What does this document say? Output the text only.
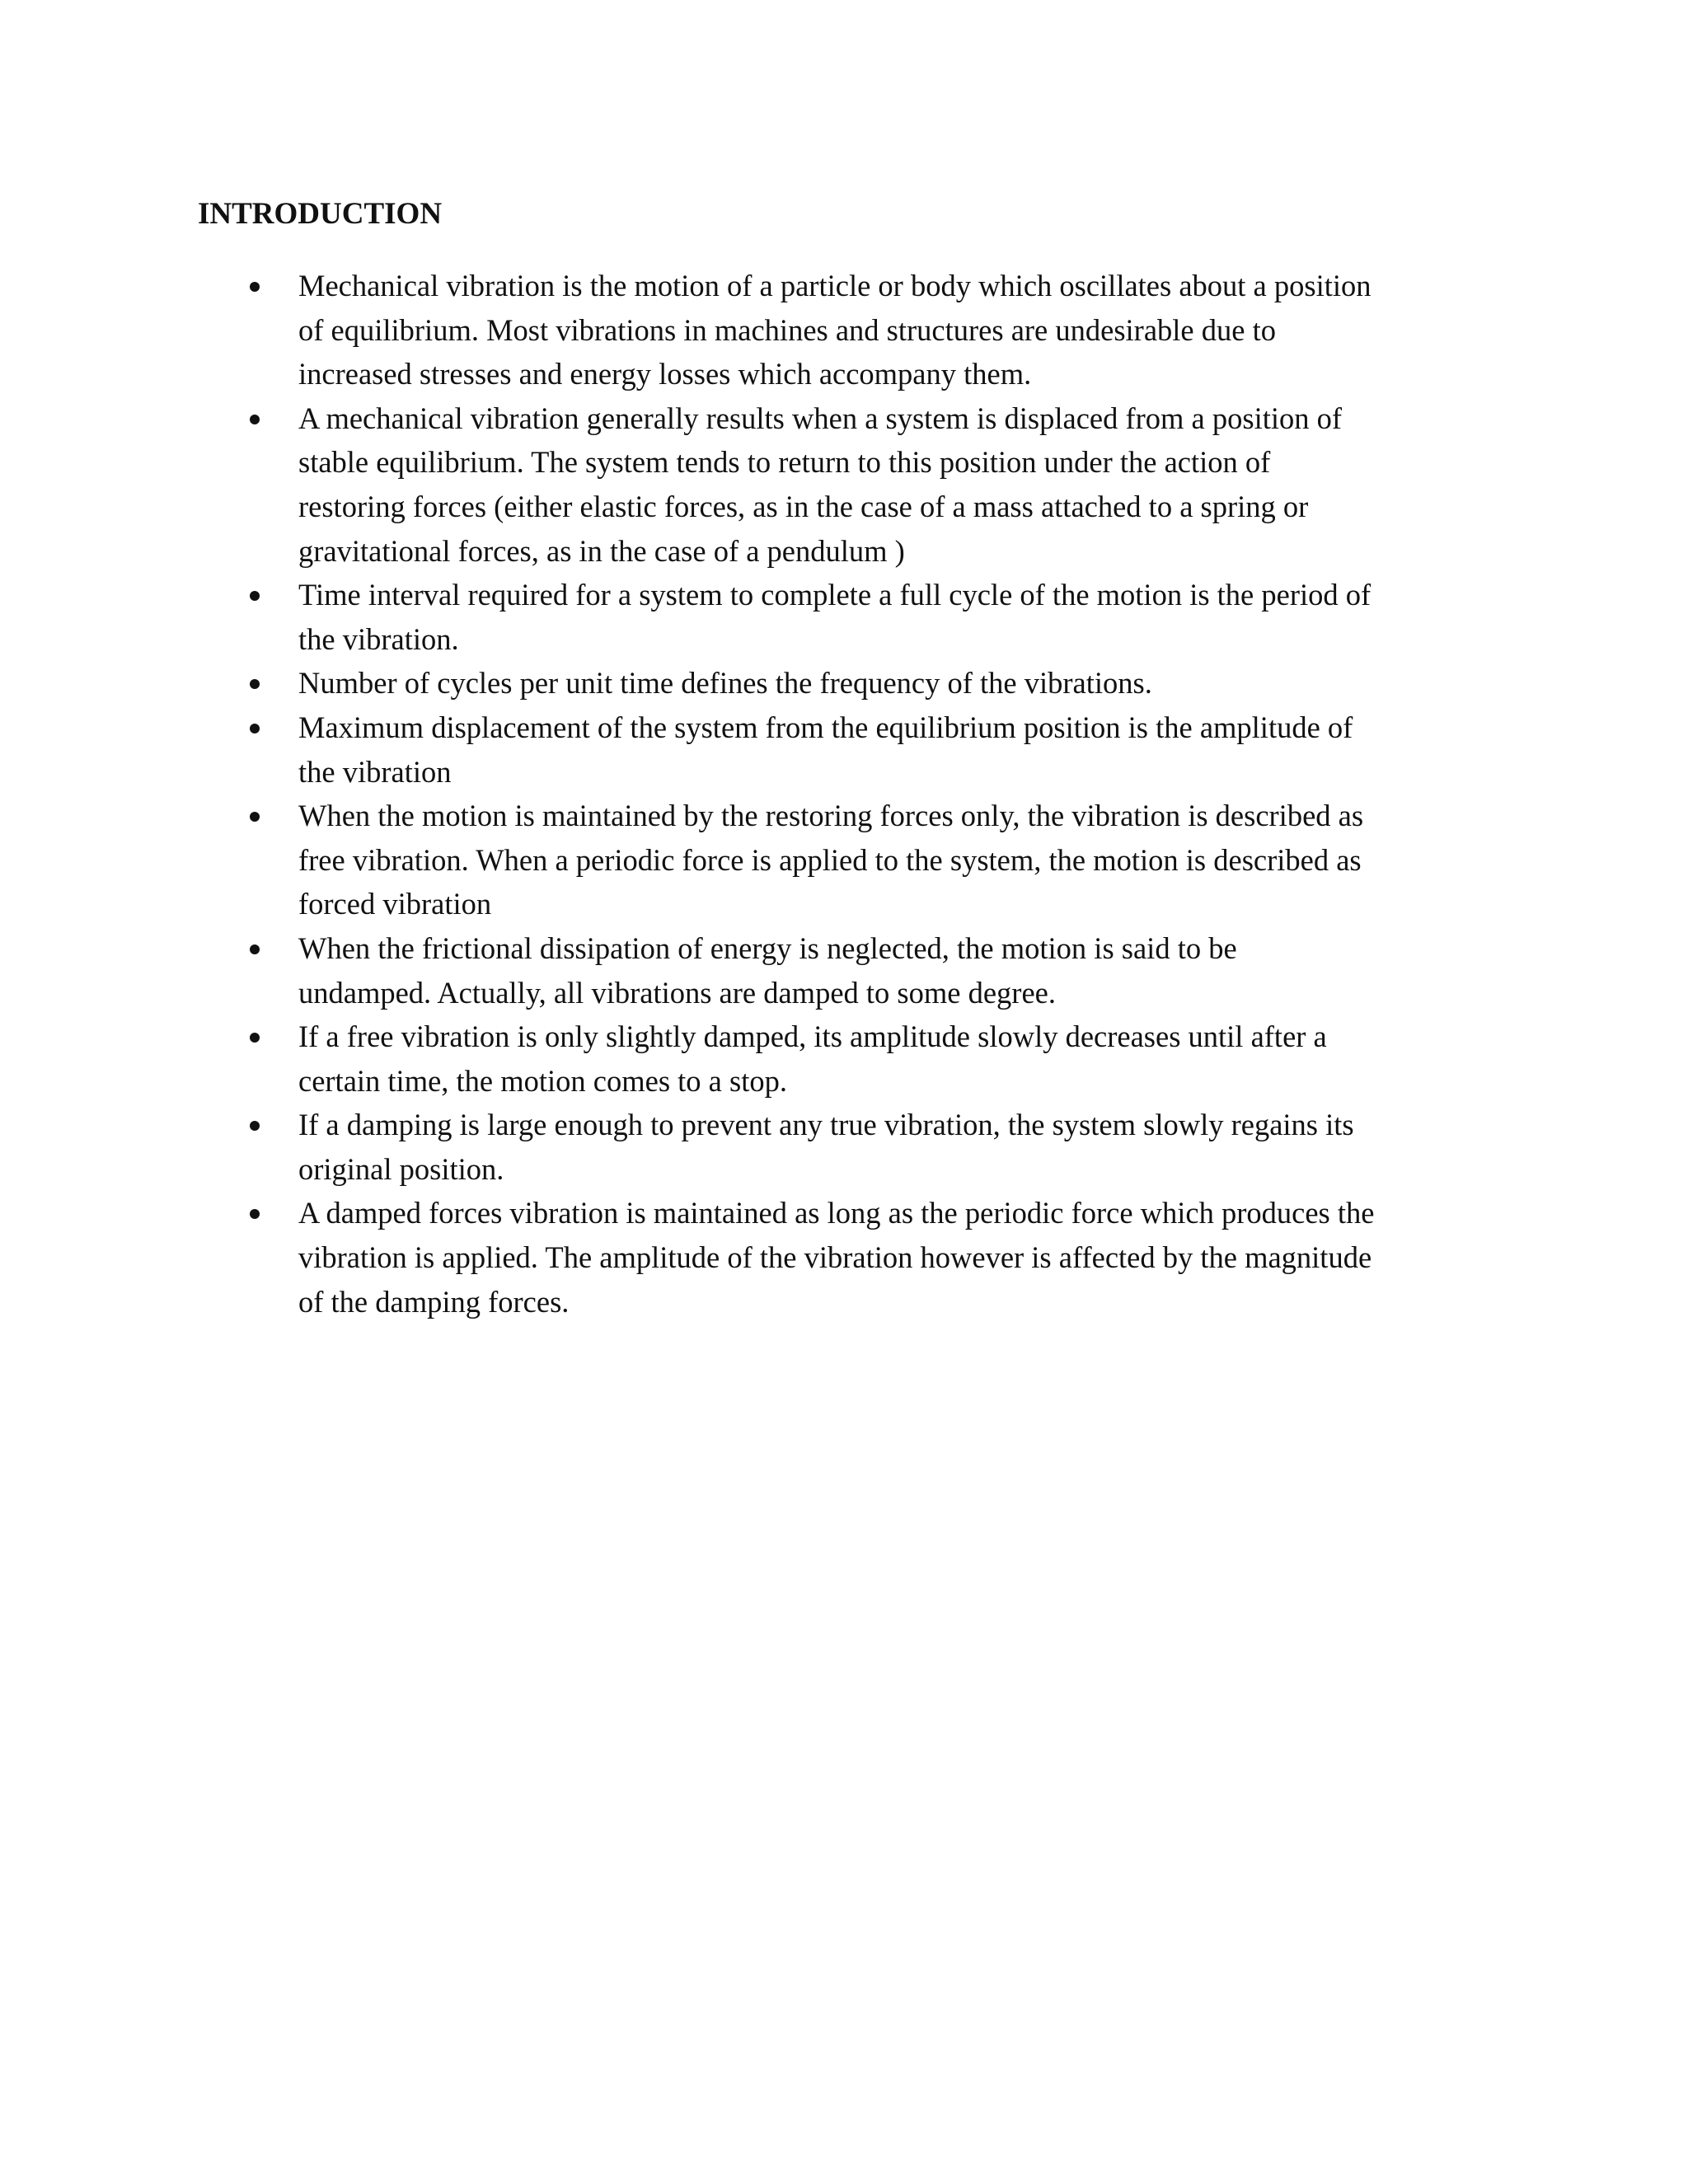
INTRODUCTION
Mechanical vibration is the motion of a particle or body which oscillates about a position
of equilibrium. Most vibrations in machines and structures are undesirable due to
increased stresses and energy losses which accompany them.
A mechanical vibration generally results when a system is displaced from a position of
stable equilibrium. The system tends to return to this position under the action of
restoring forces (either elastic forces, as in the case of a mass attached to a spring or
gravitational forces, as in the case of a pendulum )
Time interval required for a system to complete a full cycle of the motion is the period of
the vibration.
Number of cycles per unit time defines the frequency of the vibrations.
Maximum displacement of the system from the equilibrium position is the amplitude of
the vibration
When the motion is maintained by the restoring forces only, the vibration is described as
free vibration. When a periodic force is applied to the system, the motion is described as
forced vibration
When the frictional dissipation of energy is neglected, the motion is said to be
undamped. Actually, all vibrations are damped to some degree.
If a free vibration is only slightly damped, its amplitude slowly decreases until after a
certain time, the motion comes to a stop.
If a damping is large enough to prevent any true vibration, the system slowly regains its
original position.
A damped forces vibration is maintained as long as the periodic force which produces the
vibration is applied. The amplitude of the vibration however is affected by the magnitude
of the damping forces.
